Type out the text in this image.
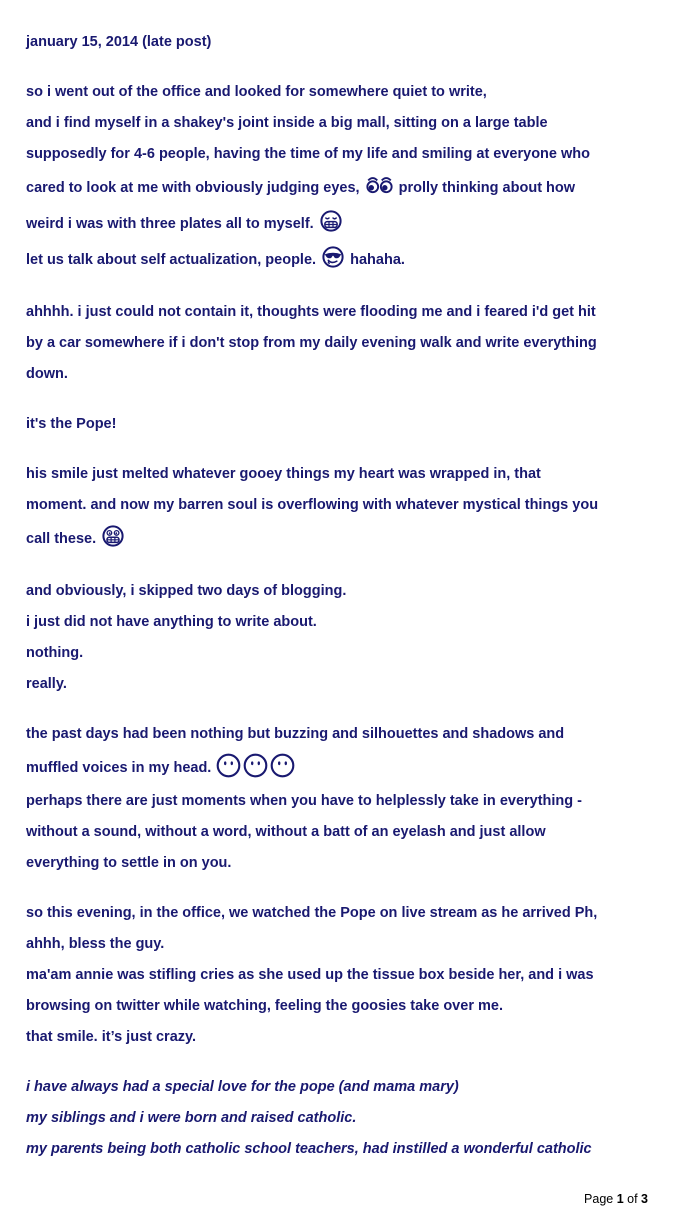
january 15, 2014 (late post)
so i went out of the office and looked for somewhere quiet to write,
and i find myself in a shakey's joint inside a big mall, sitting on a large table
supposedly for 4-6 people, having the time of my life and smiling at everyone who
cared to look at me with obviously judging eyes,	prolly thinking about how
weird i was with three plates all to myself.
let us talk about self actualization, people. hahaha.
ahhhh. i just could not contain it, thoughts were flooding me and i feared i'd get hit
by a car somewhere if i don't stop from my daily evening walk and write everything
down.
it's the Pope!
his smile just melted whatever gooey things my heart was wrapped in, that
moment. and now my barren soul is overflowing with whatever mystical things you
call these.
and obviously, i skipped two days of blogging.
i just did not have anything to write about.
nothing.
really.
the past days had been nothing but buzzing and silhouettes and shadows and
muffled voices in my head.
perhaps there are just moments when you have to helplessly take in everything -
without a sound, without a word, without a batt of an eyelash and just allow
everything to settle in on you.
so this evening, in the office, we watched the Pope on live stream as he arrived Ph,
ahhh, bless the guy.
ma'am annie was stifling cries as she used up the tissue box beside her, and i was
browsing on twitter while watching, feeling the goosies take over me.
that smile. it’s just crazy.
i have always had a special love for the pope (and mama mary)
my siblings and i were born and raised catholic.
my parents being both catholic school teachers, had instilled a wonderful catholic
Page 1 of 3
